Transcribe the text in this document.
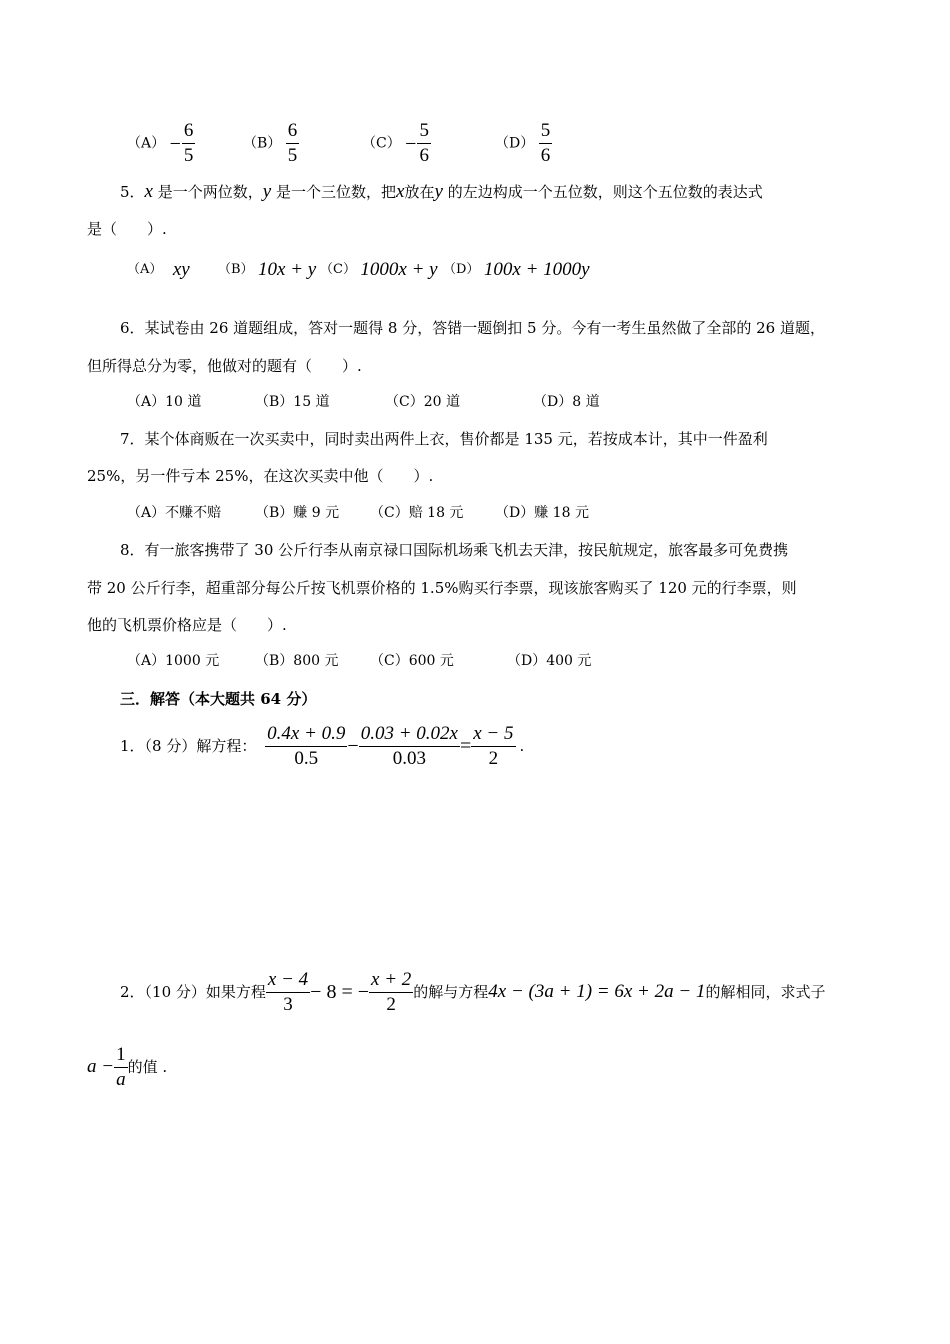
$(A) - \frac{6}{5}$	$(B) \frac{6}{5}$	$(C) - \frac{5}{6}$	$(D) \frac{5}{6}$
5．x 是一个两位数，y 是一个三位数，把x放在y 的左边构成一个五位数，则这个五位数的表达式
是（　　）.
（A） xy （B） 10x + y （C） 1000x + y （D） 100x + 1000y
6．某试卷由 26 道题组成，答对一题得 8 分，答错一题倒扣 5 分。今有一考生虽然做了全部的 26 道题，
但所得总分为零，他做对的题有（　　）.
（A）10 道	（B）15 道	（C）20 道	（D）8 道
7．某个体商贩在一次买卖中，同时卖出两件上衣，售价都是 135 元，若按成本计，其中一件盈利
25%，另一件亏本 25%，在这次买卖中他（　　）.
（A）不赚不赔 （B）赚 9 元 （C）赔 18 元 （D）赚 18 元
8．有一旅客携带了 30 公斤行李从南京禄口国际机场乘飞机去天津，按民航规定，旅客最多可免费携
带 20 公斤行李，超重部分每公斤按飞机票价格的 1.5%购买行李票，现该旅客购买了 120 元的行李票，则
他的飞机票价格应是（　　）.
（A）1000 元	（B）800 元 （C）600 元	（D）400 元
三．解答（本大题共 64 分）
1．（8 分）解方程： $\frac{0.4x + 0.9}{0.5} - \frac{0.03 + 0.02x}{0.03} = \frac{x - 5}{2}$ .
2．（10 分）如果方程 $\frac{x - 4}{3} - 8$ = − $\frac{x + 2}{2}$ 的解与方程4x − (3a + 1) = 6x + 2a − 1的解相同，求式子
$a - \frac{1}{a}$ 的值 .
